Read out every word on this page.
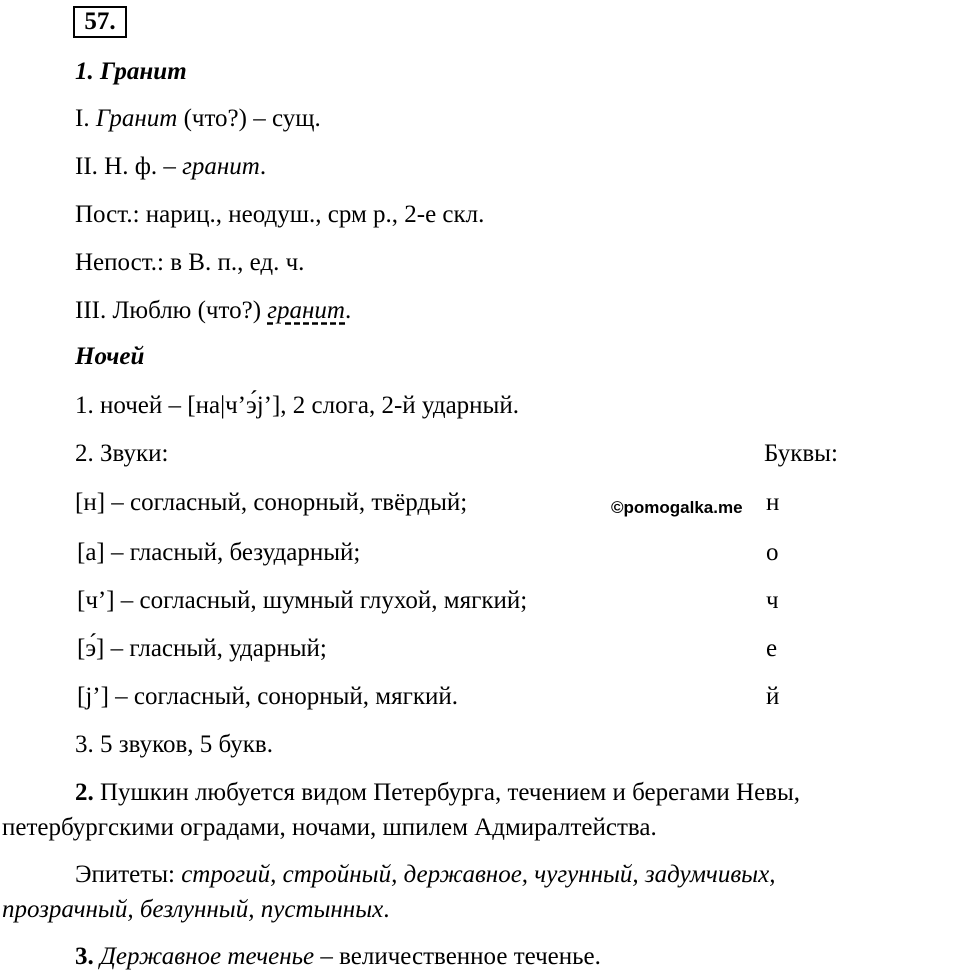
57.
1. Гранит
I. Гранит (что?) – сущ.
II. Н. ф. – гранит.
Пост.: нариц., неодуш., срм р., 2-е скл.
Непост.: в В. п., ед. ч.
III. Люблю (что?) гранит.
Ночей
1. ночей – [на|ч’э́j’], 2 слога, 2-й ударный.
2. Звуки:	Буквы:
[н] – согласный, сонорный, твёрдый;	н
©pomogalka.me
[а] – гласный, безударный;	о
[ч’] – согласный, шумный глухой, мягкий;	ч
[э́] – гласный, ударный;	е
[j’] – согласный, сонорный, мягкий.	й
3. 5 звуков, 5 букв.
2. Пушкин любуется видом Петербурга, течением и берегами Невы,
петербургскими оградами, ночами, шпилем Адмиралтейства.
Эпитеты: строгий, стройный, державное, чугунный, задумчивых,
прозрачный, безлунный, пустынных.
3. Державное теченье – величественное теченье.
